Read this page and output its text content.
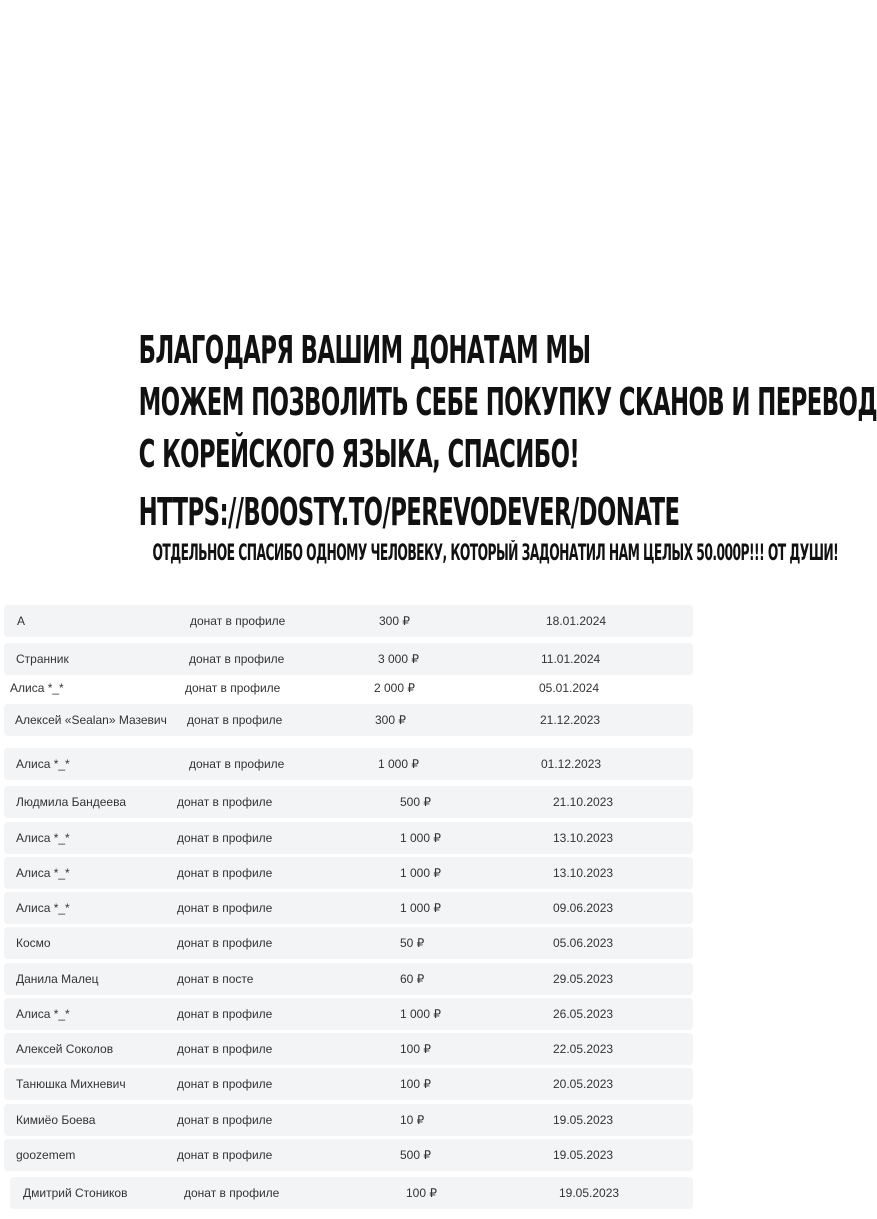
БЛАГОДАРЯ ВАШИМ ДОНАТАМ МЫ
МОЖЕМ ПОЗВОЛИТЬ СЕБЕ ПОКУПКУ СКАНОВ И ПЕРЕВОД
С КОРЕЙСКОГО ЯЗЫКА, СПАСИБО!
HTTPS://BOOSTY.TO/PEREVODEVER/DONATE
ОТДЕЛЬНОЕ СПАСИБО ОДНОМУ ЧЕЛОВЕКУ, КОТОРЫЙ ЗАДОНАТИЛ НАМ ЦЕЛЫХ 50.000Р!!! ОТ ДУШИ!
А	донат в профиле	300 ₽	18.01.2024
Странник	донат в профиле	3 000 ₽	11.01.2024
Алиса *_*	донат в профиле	2 000 ₽	05.01.2024
Алексей «Sealan» Мазевич донат в профиле	300 ₽	21.12.2023
Алиса *_*	донат в профиле	1 000 ₽	01.12.2023
Людмила Бандеева	донат в профиле	500 ₽	21.10.2023
Алиса *_*	донат в профиле	1 000 ₽	13.10.2023
Алиса *_*	донат в профиле	1 000 ₽	13.10.2023
Алиса *_*	донат в профиле	1 000 ₽	09.06.2023
Космо	донат в профиле	50 ₽	05.06.2023
Данила Малец	донат в посте	60 ₽	29.05.2023
Алиса *_*	донат в профиле	1 000 ₽	26.05.2023
Алексей Соколов	донат в профиле	100 ₽	22.05.2023
Танюшка Михневич	донат в профиле	100 ₽	20.05.2023
Кимиёо Боева	донат в профиле	10 ₽	19.05.2023
goozemem	донат в профиле	500 ₽	19.05.2023
Дмитрий Стоников	донат в профиле	100 ₽	19.05.2023
